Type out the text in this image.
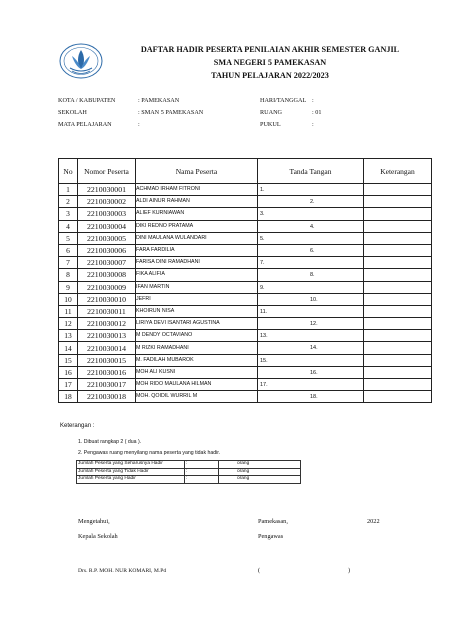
DAFTAR HADIR PESERTA PENILAIAN AKHIR SEMESTER GANJIL
SMA NEGERI 5 PAMEKASAN
TAHUN PELAJARAN 2022/2023
KOTA / KABUPATEN	: PAMEKASAN
SEKOLAH	: SMAN 5 PAMEKASAN
MATA PELAJARAN	:
HARI/TANGGAL :
RUANG	: 01
PUKUL	:
No	Nomor Peserta	Nama Peserta	Tanda Tangan	Keterangan
1	2210030001	ACHMAD IRHAM FITRONI	1.	

2	2210030002	ALDI AINUR RAHMAN	2.	

3	2210030003	ALIEF KURNIAWAN	3.	

4	2210030004	DIKI REDNO PRATAMA	4.	

5	2210030005	DINI MAULANA WULANDARI	5.	

6	2210030006	FARA FARDILIA	6.	

7	2210030007	FARISA DINI RAMADHANI	7.	

8	2210030008	FIKA ALIFIA	8.	

9	2210030009	IFAN MARTIN	9.	

10	2210030010	JEFRI	10.	

11	2210030011	KHOIRUN NISA	11.	

12	2210030012	LIRIYA DEVI ISANTARI AGUSTINA	12.	

13	2210030013	M DENDY OCTAVIANO	13.	

14	2210030014	M RIZKI RAMADHANI	14.	

15	2210030015	M. FADILAH MUBAROK	15.	

16	2210030016	MOH ALI KUSNI	16.	

17	2210030017	MOH RIDO MAULANA HILMAN	17.	

18	2210030018	MOH. QOIDIL WURRIL M	18.	

Keterangan :
1. Dibuat rangkap 2 ( dua ).
2. Pengawas ruang menyilang nama peserta yang tidak hadir.
Jumlah Peserta yang Seharusnya Hadir	:	orang
Jumlah Peserta yang Tidak Hadir	:	orang
Jumlah Peserta yang Hadir	:	orang
Mengetahui,
Kepala Sekolah
Drs. R.P. MOH. NUR KOMARI, M.Pd
Pamekasan,	2022
Pengawas
(	)
